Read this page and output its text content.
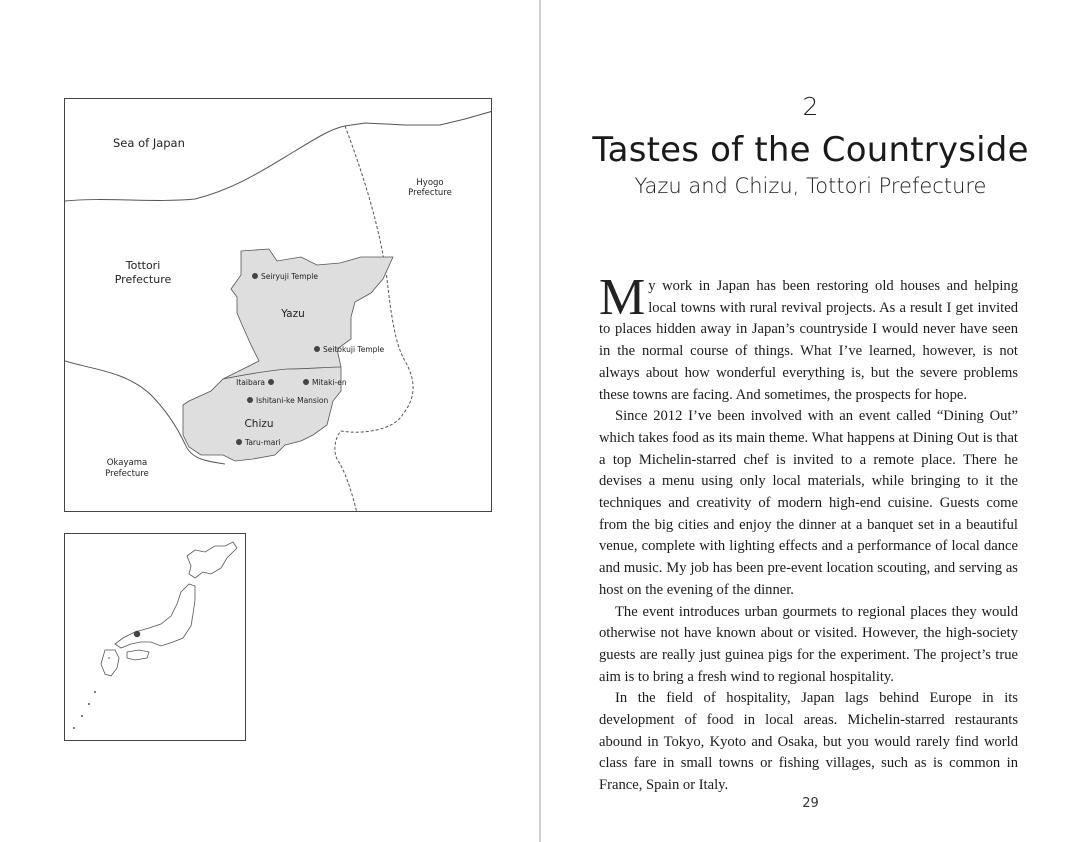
Sea of Japan
Hyogo
Prefecture
Tottori
Prefecture
Okayama
Prefecture
Yazu
Chizu
Seiryuji Temple
Seitokuji Temple
Itaibara	Mitaki-en
Ishitani-ke Mansion
Taru-mari
2
Tastes of the Countryside
Yazu and Chizu, Tottori Prefecture

My work in Japan has been restoring old houses and helping local towns with rural revival projects. As a result I get invited to places hidden away in Japan’s countryside I would never have seen in the normal course of things. What I’ve learned, however, is not always about how wonderful everything is, but the severe problems these towns are facing. And sometimes, the prospects for hope.

Since 2012 I’ve been involved with an event called “Dining Out” which takes food as its main theme. What happens at Dining Out is that a top Michelin-starred chef is invited to a remote place. There he devises a menu using only local materials, while bringing to it the techniques and creativity of modern high-end cuisine. Guests come from the big cities and enjoy the dinner at a banquet set in a beautiful venue, complete with lighting effects and a performance of local dance and music. My job has been pre-event location scouting, and serving as host on the evening of the dinner.

The event introduces urban gourmets to regional places they would otherwise not have known about or visited. However, the high-society guests are really just guinea pigs for the experiment. The project’s true aim is to bring a fresh wind to regional hospitality.

In the field of hospitality, Japan lags behind Europe in its development of food in local areas. Michelin-starred restaurants abound in Tokyo, Kyoto and Osaka, but you would rarely find world class fare in small towns or fishing villages, such as is common in France, Spain or Italy.

29
